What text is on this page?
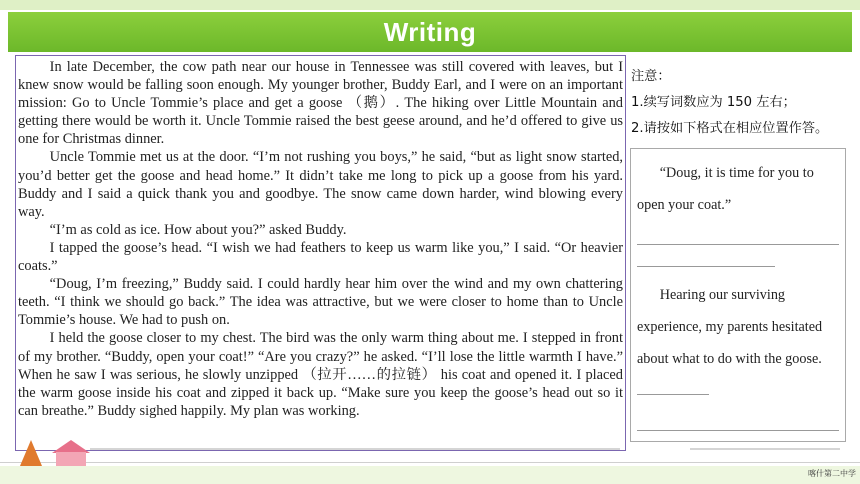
Writing

In late December, the cow path near our house in Tennessee was still covered with leaves, but I knew snow would be falling soon enough. My younger brother, Buddy Earl, and I were on an important mission: Go to Uncle Tommie’s place and get a goose （鹅）. The hiking over Little Mountain and getting there would be worth it. Uncle Tommie raised the best geese around, and he’d offered to give us one for Christmas dinner.

Uncle Tommie met us at the door. “I’m not rushing you boys,” he said, “but as light snow started, you’d better get the goose and head home.” It didn’t take me long to pick up a goose from his yard. Buddy and I said a quick thank you and goodbye. The snow came down harder, wind blowing every way.

“I’m as cold as ice. How about you?” asked Buddy.

I tapped the goose’s head. “I wish we had feathers to keep us warm like you,” I said. “Or heavier coats.”

“Doug, I’m freezing,” Buddy said. I could hardly hear him over the wind and my own chattering teeth. “I think we should go back.” The idea was attractive, but we were closer to home than to Uncle Tommie’s house. We had to push on.

I held the goose closer to my chest. The bird was the only warm thing about me. I stepped in front of my brother. “Buddy, open your coat!” “Are you crazy?” he asked. “I’ll lose the little warmth I have.” When he saw I was serious, he slowly unzipped （拉开……的拉链） his coat and opened it. I placed the warm goose inside his coat and zipped it back up. “Make sure you keep the goose’s head out so it can breathe.” Buddy sighed happily. My plan was working.

注意：
1.续写词数应为 150 左右；
2.请按如下格式在相应位置作答。
“Doug, it is time for you to open your coat.”
Hearing our surviving experience, my parents hesitated about what to do with the goose.
喀什第二中学
